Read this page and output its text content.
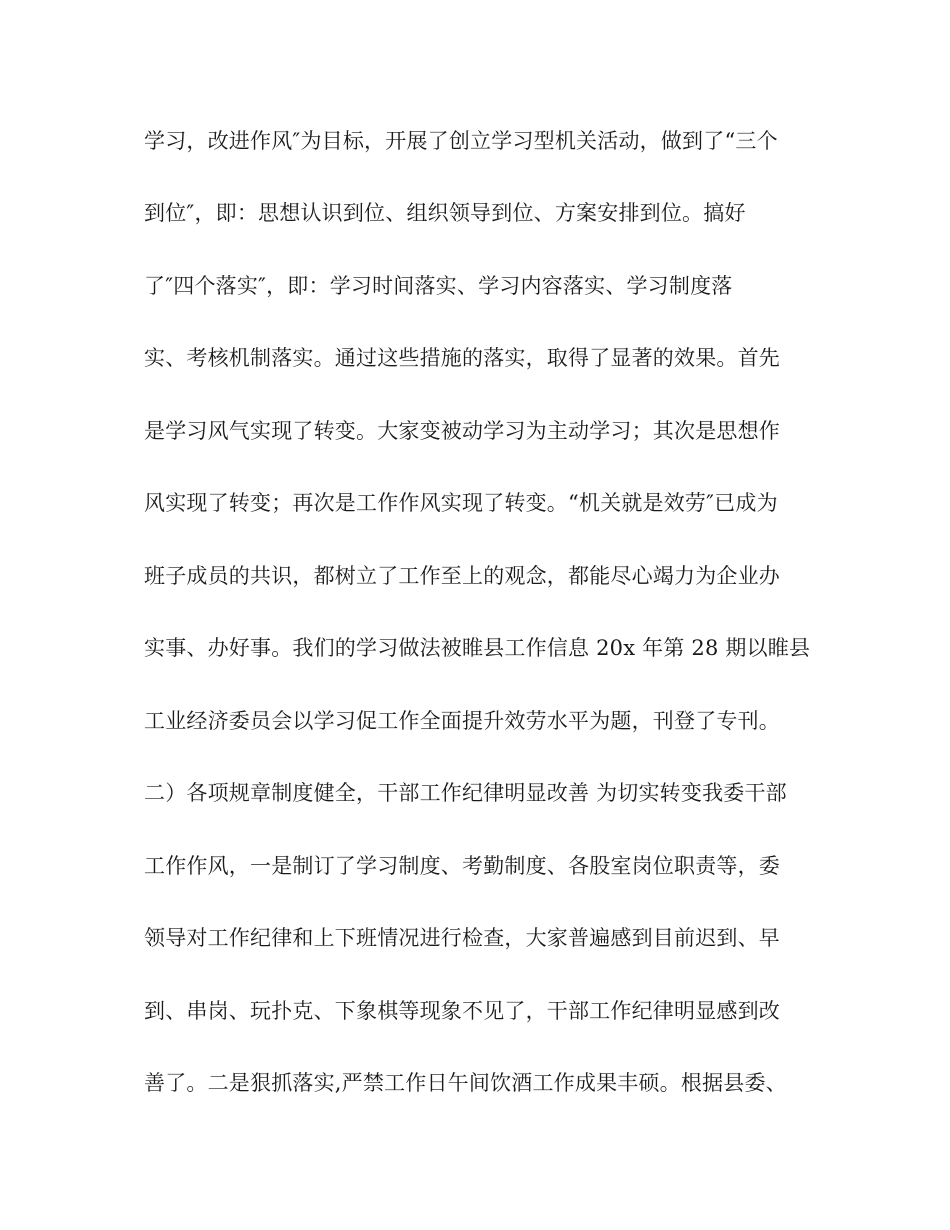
学习，改进作风″为目标，开展了创立学习型机关活动，做到了“三个
到位″，即：思想认识到位、组织领导到位、方案安排到位。搞好
了″四个落实″，即：学习时间落实、学习内容落实、学习制度落
实、考核机制落实。通过这些措施的落实，取得了显著的效果。首先
是学习风气实现了转变。大家变被动学习为主动学习；其次是思想作
风实现了转变；再次是工作作风实现了转变。“机关就是效劳″已成为
班子成员的共识，都树立了工作至上的观念，都能尽心竭力为企业办
实事、办好事。我们的学习做法被睢县工作信息 20x 年第 28 期以睢县
工业经济委员会以学习促工作全面提升效劳水平为题，刊登了专刊。
二）各项规章制度健全，干部工作纪律明显改善 为切实转变我委干部
工作作风，一是制订了学习制度、考勤制度、各股室岗位职责等，委
领导对工作纪律和上下班情况进行检查，大家普遍感到目前迟到、早
到、串岗、玩扑克、下象棋等现象不见了，干部工作纪律明显感到改
善了。二是狠抓落实,严禁工作日午间饮酒工作成果丰硕。根据县委、
